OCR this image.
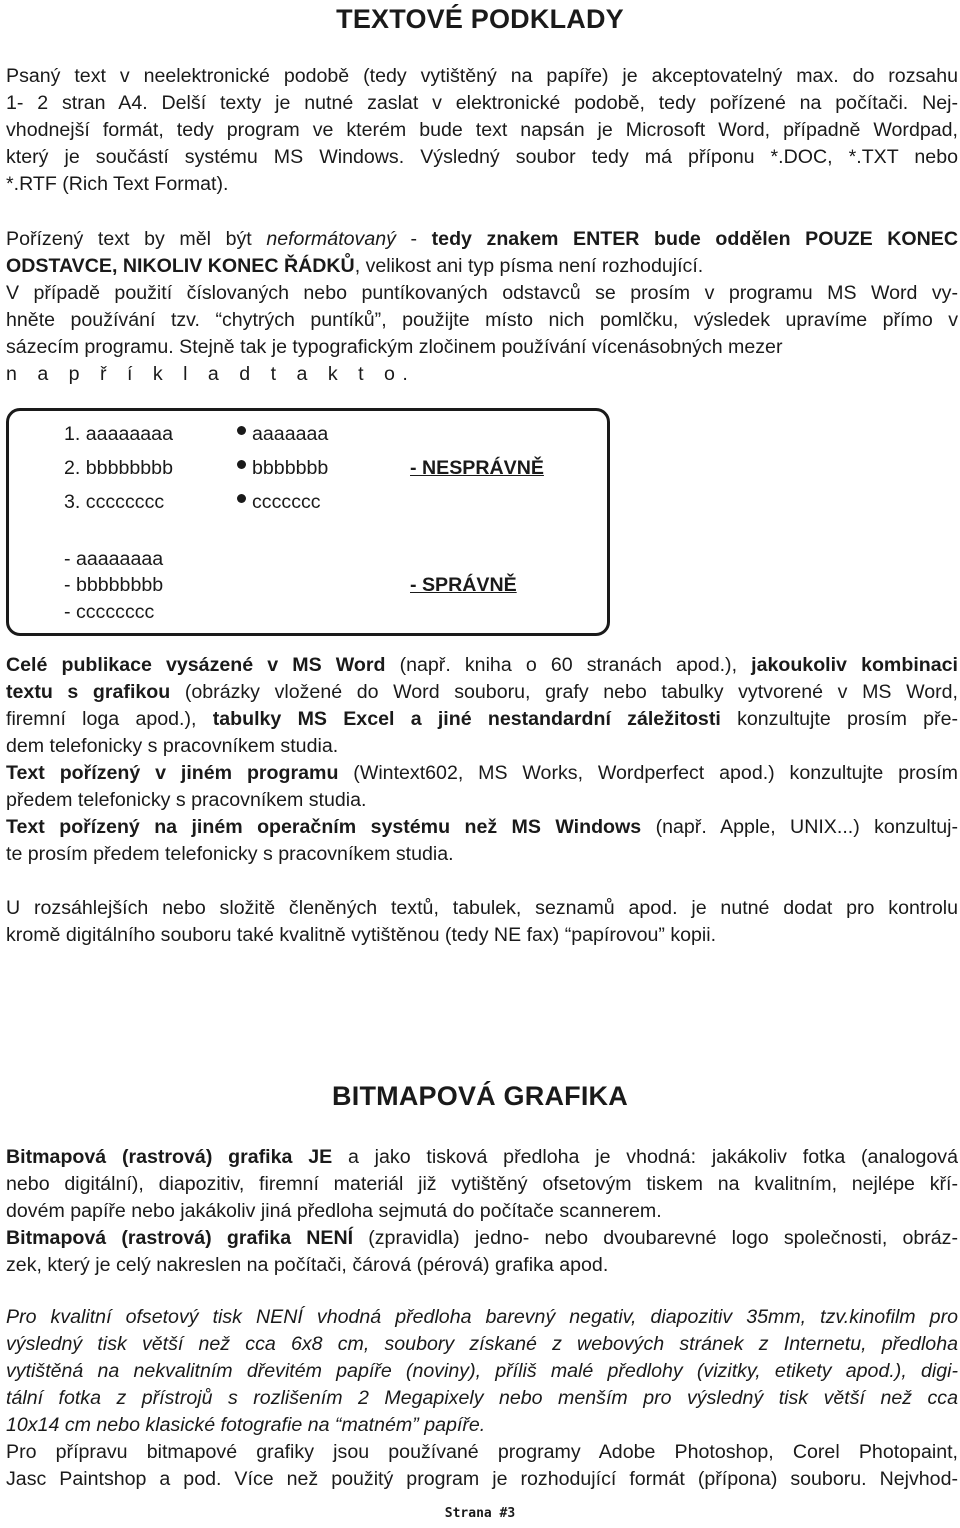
TEXTOVÉ PODKLADY
Psaný text v neelektronické podobě (tedy vytištěný na papíře) je akceptovatelný max. do rozsahu
1- 2 stran A4. Delší texty je nutné zaslat v elektronické podobě, tedy pořízené na počítači. Nej-
vhodnejší formát, tedy program ve kterém bude text napsán je Microsoft Word, případně Wordpad,
který je součástí systému MS Windows. Výsledný soubor tedy má příponu *.DOC, *.TXT nebo
*.RTF (Rich Text Format).
Pořízený text by měl být neformátovaný - tedy znakem ENTER bude oddělen POUZE KONEC
ODSTAVCE, NIKOLIV KONEC ŘÁDKŮ, velikost ani typ písma není rozhodující.
V případě použití číslovaných nebo puntíkovaných odstavců se prosím v programu MS Word vy-
hněte používání tzv. “chytrých puntíků”, použijte místo nich pomlčku, výsledek upravíme přímo v
sázecím programu. Stejně tak je typografickým zločinem používání vícenásobných mezer
n a p ř í k l a d t a k t o.
1. aaaaaaaa
2. bbbbbbbb
3. cccccccc
aaaaaaa
bbbbbbb
ccccccc
- NESPRÁVNĚ
- aaaaaaaa
- bbbbbbbb
- cccccccc
- SPRÁVNĚ
Celé publikace vysázené v MS Word (např. kniha o 60 stranách apod.), jakoukoliv kombinaci
textu s grafikou (obrázky vložené do Word souboru, grafy nebo tabulky vytvorené v MS Word,
firemní loga apod.), tabulky MS Excel a jiné nestandardní záležitosti konzultujte prosím pře-
dem telefonicky s pracovníkem studia.
Text pořízený v jiném programu (Wintext602, MS Works, Wordperfect apod.) konzultujte prosím
předem telefonicky s pracovníkem studia.
Text pořízený na jiném operačním systému než MS Windows (např. Apple, UNIX...) konzultuj-
te prosím předem telefonicky s pracovníkem studia.
U rozsáhlejších nebo složitě členěných textů, tabulek, seznamů apod. je nutné dodat pro kontrolu
kromě digitálního souboru také kvalitně vytištěnou (tedy NE fax) “papírovou” kopii.
BITMAPOVÁ GRAFIKA
Bitmapová (rastrová) grafika JE a jako tisková předloha je vhodná: jakákoliv fotka (analogová
nebo digitální), diapozitiv, firemní materiál již vytištěný ofsetovým tiskem na kvalitním, nejlépe kří-
dovém papíře nebo jakákoliv jiná předloha sejmutá do počítače scannerem.
Bitmapová (rastrová) grafika NENÍ (zpravidla) jedno- nebo dvoubarevné logo společnosti, obráz-
zek, který je celý nakreslen na počítači, čárová (pérová) grafika apod.
Pro kvalitní ofsetový tisk NENÍ vhodná předloha barevný negativ, diapozitiv 35mm, tzv.kinofilm pro
výsledný tisk větší než cca 6x8 cm, soubory získané z webových stránek z Internetu, předloha
vytištěná na nekvalitním dřevitém papíře (noviny), příliš malé předlohy (vizitky, etikety apod.), digi-
tální fotka z přístrojů s rozlišením 2 Megapixely nebo menším pro výsledný tisk větší než cca
10x14 cm nebo klasické fotografie na “matném” papíře.
Pro přípravu bitmapové grafiky jsou používané programy Adobe Photoshop, Corel Photopaint,
Jasc Paintshop a pod. Více než použitý program je rozhodující formát (přípona) souboru. Nejvhod-
Strana #3
